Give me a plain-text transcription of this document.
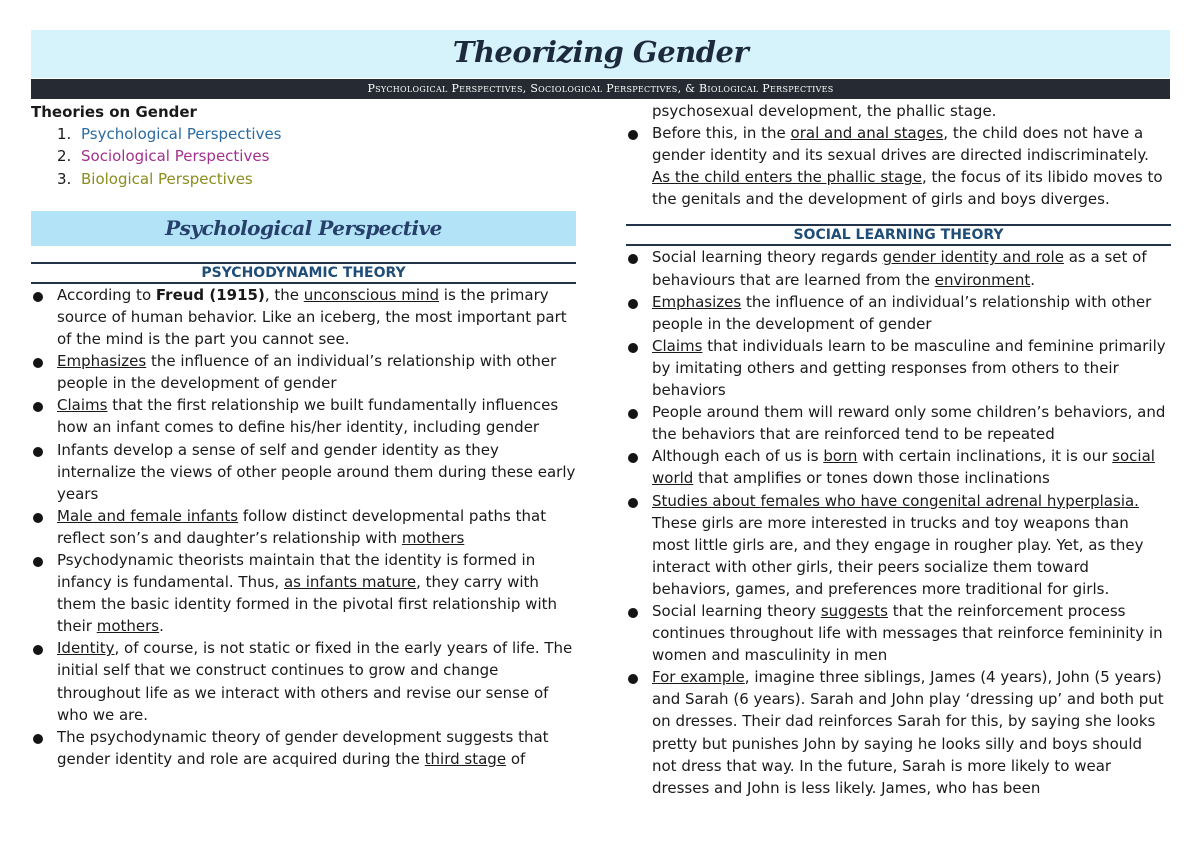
Theorizing Gender
Psychological Perspectives, Sociological Perspectives, & Biological Perspectives
Theories on Gender
1. Psychological Perspectives
2. Sociological Perspectives
3. Biological Perspectives
Psychological Perspective
PSYCHODYNAMIC THEORY
According to Freud (1915), the unconscious mind is the primary source of human behavior. Like an iceberg, the most important part of the mind is the part you cannot see.
Emphasizes the influence of an individual’s relationship with other people in the development of gender
Claims that the first relationship we built fundamentally influences how an infant comes to define his/her identity, including gender
Infants develop a sense of self and gender identity as they internalize the views of other people around them during these early years
Male and female infants follow distinct developmental paths that reflect son’s and daughter’s relationship with mothers
Psychodynamic theorists maintain that the identity is formed in infancy is fundamental. Thus, as infants mature, they carry with them the basic identity formed in the pivotal first relationship with their mothers.
Identity, of course, is not static or fixed in the early years of life. The initial self that we construct continues to grow and change throughout life as we interact with others and revise our sense of who we are.
The psychodynamic theory of gender development suggests that gender identity and role are acquired during the third stage of
psychosexual development, the phallic stage.
Before this, in the oral and anal stages, the child does not have a gender identity and its sexual drives are directed indiscriminately. As the child enters the phallic stage, the focus of its libido moves to the genitals and the development of girls and boys diverges.
SOCIAL LEARNING THEORY
Social learning theory regards gender identity and role as a set of behaviours that are learned from the environment.
Emphasizes the influence of an individual’s relationship with other people in the development of gender
Claims that individuals learn to be masculine and feminine primarily by imitating others and getting responses from others to their behaviors
People around them will reward only some children’s behaviors, and the behaviors that are reinforced tend to be repeated
Although each of us is born with certain inclinations, it is our social world that amplifies or tones down those inclinations
Studies about females who have congenital adrenal hyperplasia. These girls are more interested in trucks and toy weapons than most little girls are, and they engage in rougher play. Yet, as they interact with other girls, their peers socialize them toward behaviors, games, and preferences more traditional for girls.
Social learning theory suggests that the reinforcement process continues throughout life with messages that reinforce femininity in women and masculinity in men
For example, imagine three siblings, James (4 years), John (5 years) and Sarah (6 years). Sarah and John play ‘dressing up’ and both put on dresses. Their dad reinforces Sarah for this, by saying she looks pretty but punishes John by saying he looks silly and boys should not dress that way. In the future, Sarah is more likely to wear dresses and John is less likely. James, who has been
